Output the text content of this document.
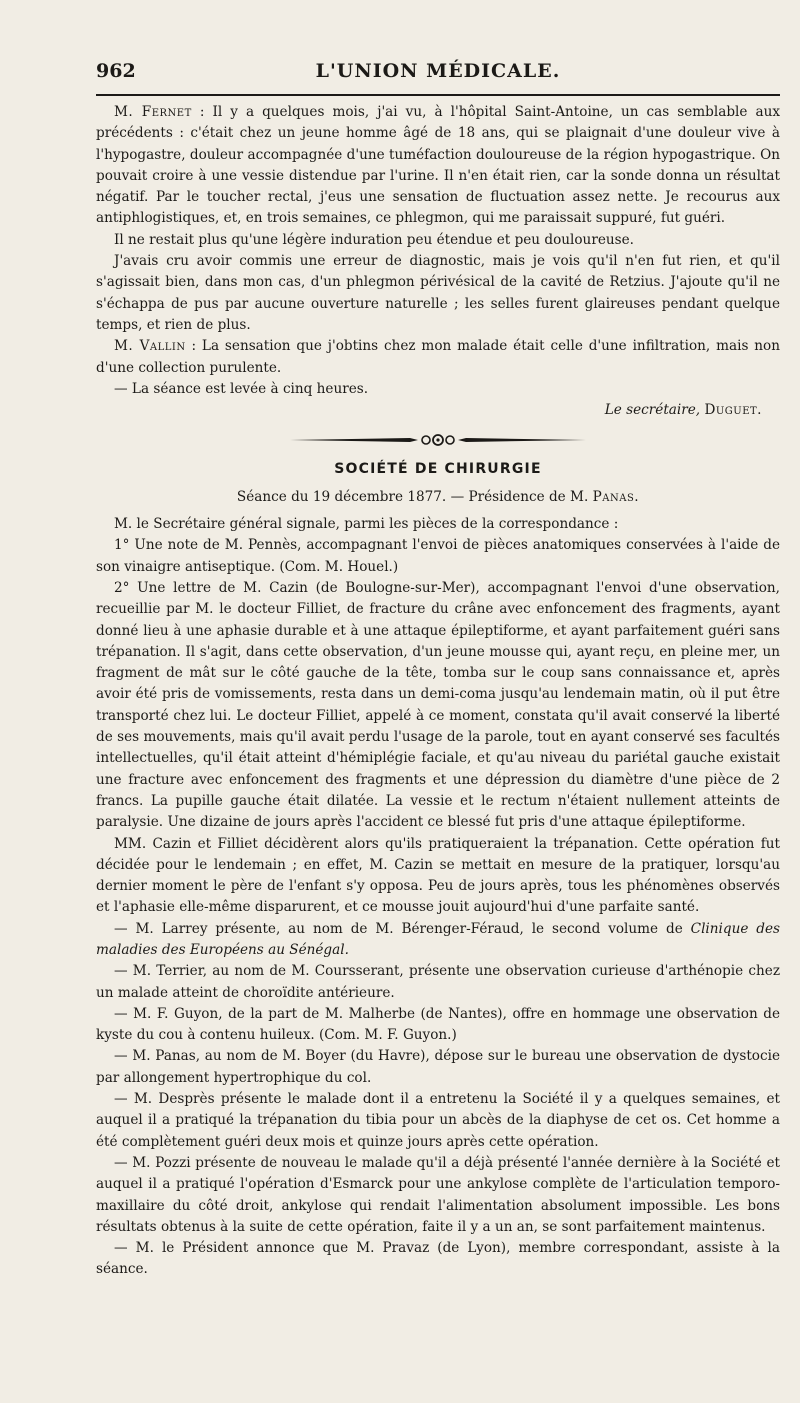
962	L'UNION MÉDICALE.

M. Fernet : Il y a quelques mois, j'ai vu, à l'hôpital Saint-Antoine, un cas semblable aux précédents : c'était chez un jeune homme âgé de 18 ans, qui se plaignait d'une douleur vive à l'hypogastre, douleur accompagnée d'une tuméfaction douloureuse de la région hypogastrique. On pouvait croire à une vessie distendue par l'urine. Il n'en était rien, car la sonde donna un résultat négatif. Par le toucher rectal, j'eus une sensation de fluctuation assez nette. Je recourus aux antiphlogistiques, et, en trois semaines, ce phlegmon, qui me paraissait suppuré, fut guéri.

Il ne restait plus qu'une légère induration peu étendue et peu douloureuse.

J'avais cru avoir commis une erreur de diagnostic, mais je vois qu'il n'en fut rien, et qu'il s'agissait bien, dans mon cas, d'un phlegmon périvésical de la cavité de Retzius. J'ajoute qu'il ne s'échappa de pus par aucune ouverture naturelle ; les selles furent glaireuses pendant quelque temps, et rien de plus.

M. Vallin : La sensation que j'obtins chez mon malade était celle d'une infiltration, mais non d'une collection purulente.

— La séance est levée à cinq heures.

Le secrétaire, Duguet.

SOCIÉTÉ DE CHIRURGIE

Séance du 19 décembre 1877. — Présidence de M. Panas.

M. le Secrétaire général signale, parmi les pièces de la correspondance :

1° Une note de M. Pennès, accompagnant l'envoi de pièces anatomiques conservées à l'aide de son vinaigre antiseptique. (Com. M. Houel.)

2° Une lettre de M. Cazin (de Boulogne-sur-Mer), accompagnant l'envoi d'une observation, recueillie par M. le docteur Filliet, de fracture du crâne avec enfoncement des fragments, ayant donné lieu à une aphasie durable et à une attaque épileptiforme, et ayant parfaitement guéri sans trépanation. Il s'agit, dans cette observation, d'un jeune mousse qui, ayant reçu, en pleine mer, un fragment de mât sur le côté gauche de la tête, tomba sur le coup sans connaissance et, après avoir été pris de vomissements, resta dans un demi-coma jusqu'au lendemain matin, où il put être transporté chez lui. Le docteur Filliet, appelé à ce moment, constata qu'il avait conservé la liberté de ses mouvements, mais qu'il avait perdu l'usage de la parole, tout en ayant conservé ses facultés intellectuelles, qu'il était atteint d'hémiplégie faciale, et qu'au niveau du pariétal gauche existait une fracture avec enfoncement des fragments et une dépression du diamètre d'une pièce de 2 francs. La pupille gauche était dilatée. La vessie et le rectum n'étaient nullement atteints de paralysie. Une dizaine de jours après l'accident ce blessé fut pris d'une attaque épileptiforme.

MM. Cazin et Filliet décidèrent alors qu'ils pratiqueraient la trépanation. Cette opération fut décidée pour le lendemain ; en effet, M. Cazin se mettait en mesure de la pratiquer, lorsqu'au dernier moment le père de l'enfant s'y opposa. Peu de jours après, tous les phénomènes observés et l'aphasie elle-même disparurent, et ce mousse jouit aujourd'hui d'une parfaite santé.

— M. Larrey présente, au nom de M. Bérenger-Féraud, le second volume de Clinique des maladies des Européens au Sénégal.

— M. Terrier, au nom de M. Coursserant, présente une observation curieuse d'arthénopie chez un malade atteint de choroïdite antérieure.

— M. F. Guyon, de la part de M. Malherbe (de Nantes), offre en hommage une observation de kyste du cou à contenu huileux. (Com. M. F. Guyon.)

— M. Panas, au nom de M. Boyer (du Havre), dépose sur le bureau une observation de dystocie par allongement hypertrophique du col.

— M. Desprès présente le malade dont il a entretenu la Société il y a quelques semaines, et auquel il a pratiqué la trépanation du tibia pour un abcès de la diaphyse de cet os. Cet homme a été complètement guéri deux mois et quinze jours après cette opération.

— M. Pozzi présente de nouveau le malade qu'il a déjà présenté l'année dernière à la Société et auquel il a pratiqué l'opération d'Esmarck pour une ankylose complète de l'articulation temporo-maxillaire du côté droit, ankylose qui rendait l'alimentation absolument impossible. Les bons résultats obtenus à la suite de cette opération, faite il y a un an, se sont parfaitement maintenus.

— M. le Président annonce que M. Pravaz (de Lyon), membre correspondant, assiste à la séance.
